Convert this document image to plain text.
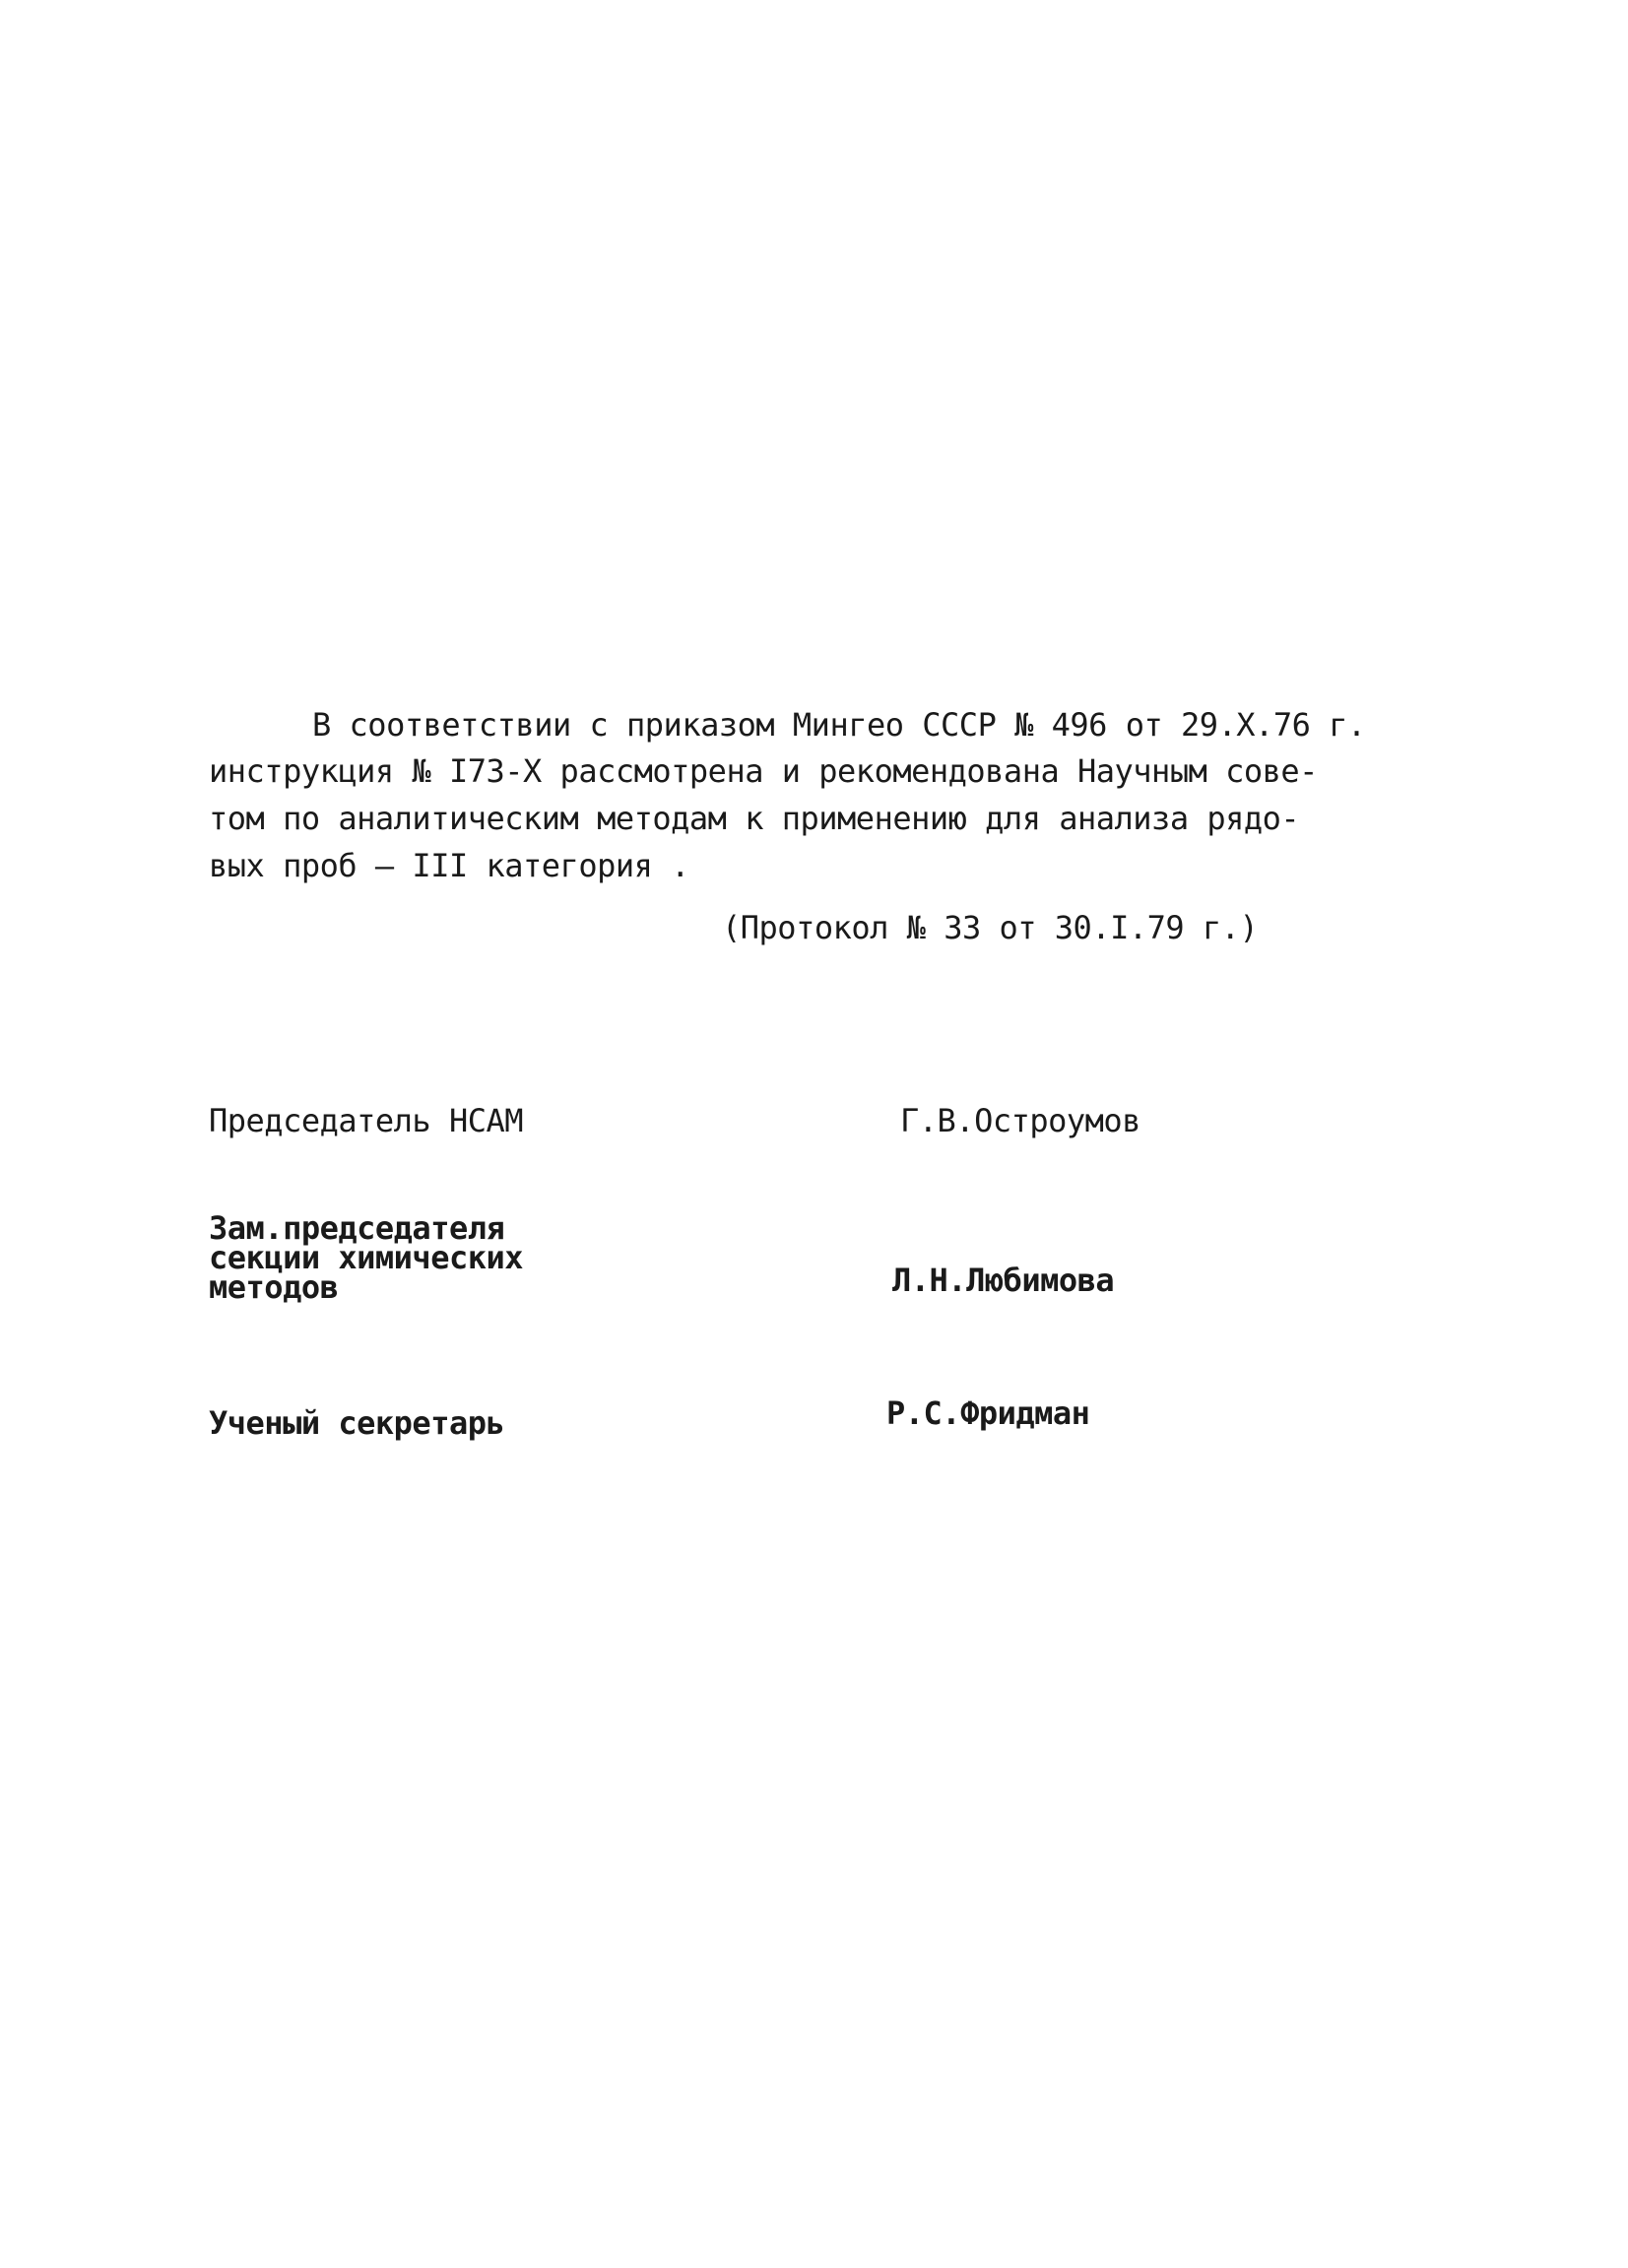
В соответствии с приказом Мингео СССР № 496 от 29.X.76 г.
инструкция № I73-X рассмотрена и рекомендована Научным сове-
том по аналитическим методам к применению для анализа рядо-
вых проб – III категория .
(Протокол № 33 от 30.I.79 г.)
Председатель НСАМ	Г.В.Остроумов
Зам.председателя
секции химических
методов	Л.Н.Любимова
Ученый секретарь	Р.С.Фридман
